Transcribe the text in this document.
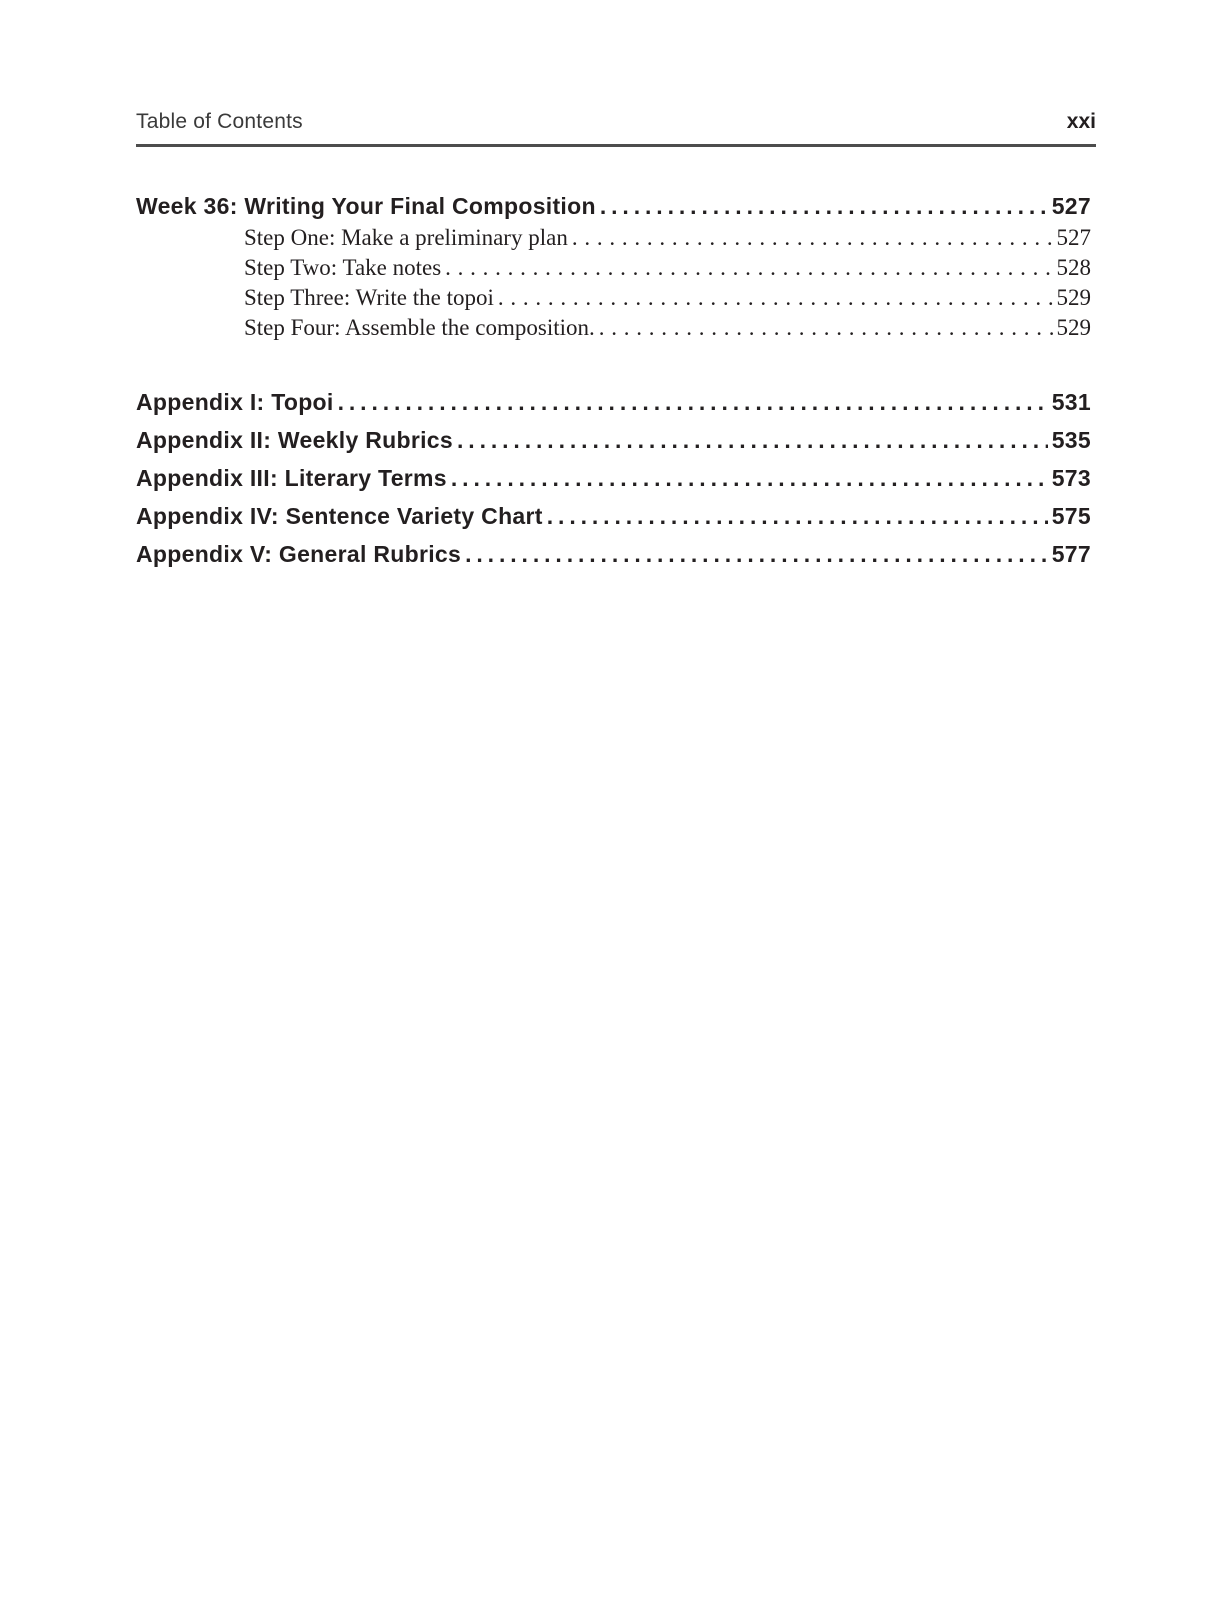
Table of Contents	xxi
Week 36: Writing Your Final Composition .....	527
Step One: Make a preliminary plan . . .	527
Step Two: Take notes . . .	528
Step Three: Write the topoi . . .	529
Step Four: Assemble the composition. . . .	529
Appendix I: Topoi .....	531
Appendix II: Weekly Rubrics .....	535
Appendix III: Literary Terms .....	573
Appendix IV: Sentence Variety Chart .....	575
Appendix V: General Rubrics .....	577
